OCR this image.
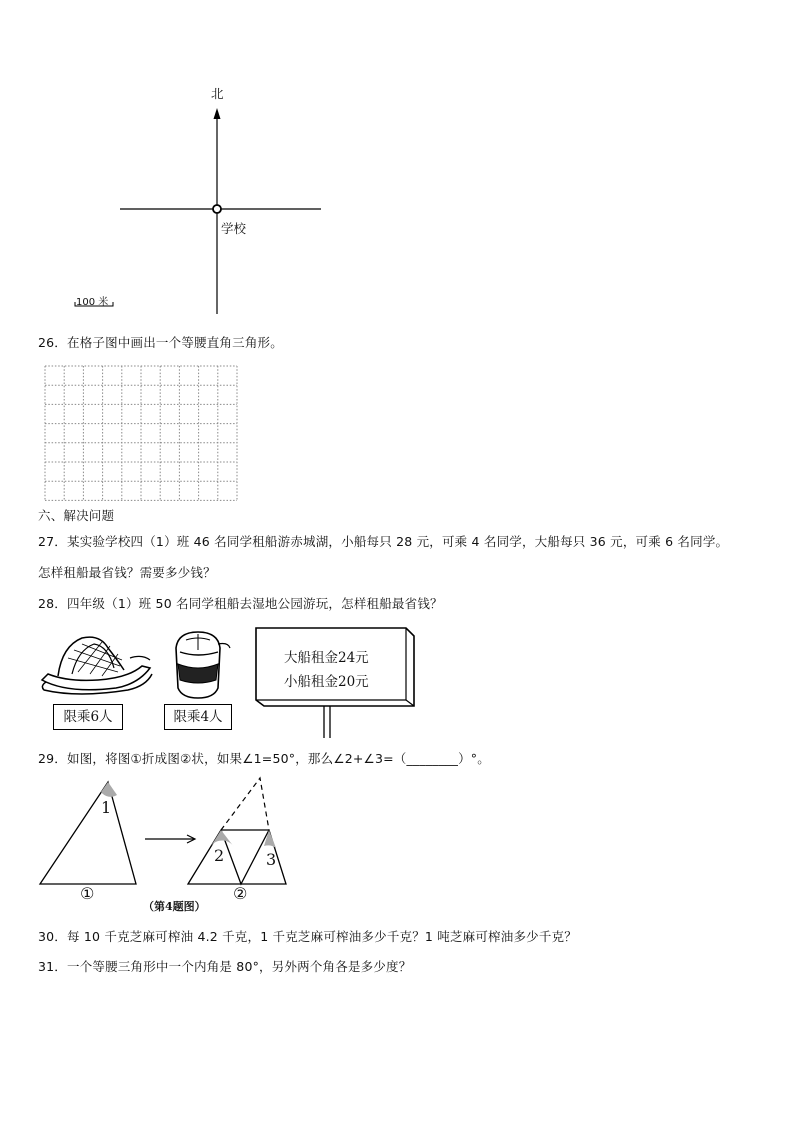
北
学校
100 米
26．在格子图中画出一个等腰直角三角形。
六、解决问题
27．某实验学校四（1）班 46 名同学租船游赤城湖，小船每只 28 元，可乘 4 名同学，大船每只 36 元，可乘 6 名同学。
怎样租船最省钱？需要多少钱？
28．四年级（1）班 50 名同学租船去湿地公园游玩，怎样租船最省钱？
限乘6人	限乘4人
大船租金24元
小船租金20元
29．如图，将图①折成图②状，如果∠1=50°，那么∠2+∠3=（________）°。
1
2	3
①	②
（第4题图）
30．每 10 千克芝麻可榨油 4.2 千克，1 千克芝麻可榨油多少千克？1 吨芝麻可榨油多少千克？
31．一个等腰三角形中一个内角是 80°，另外两个角各是多少度？
